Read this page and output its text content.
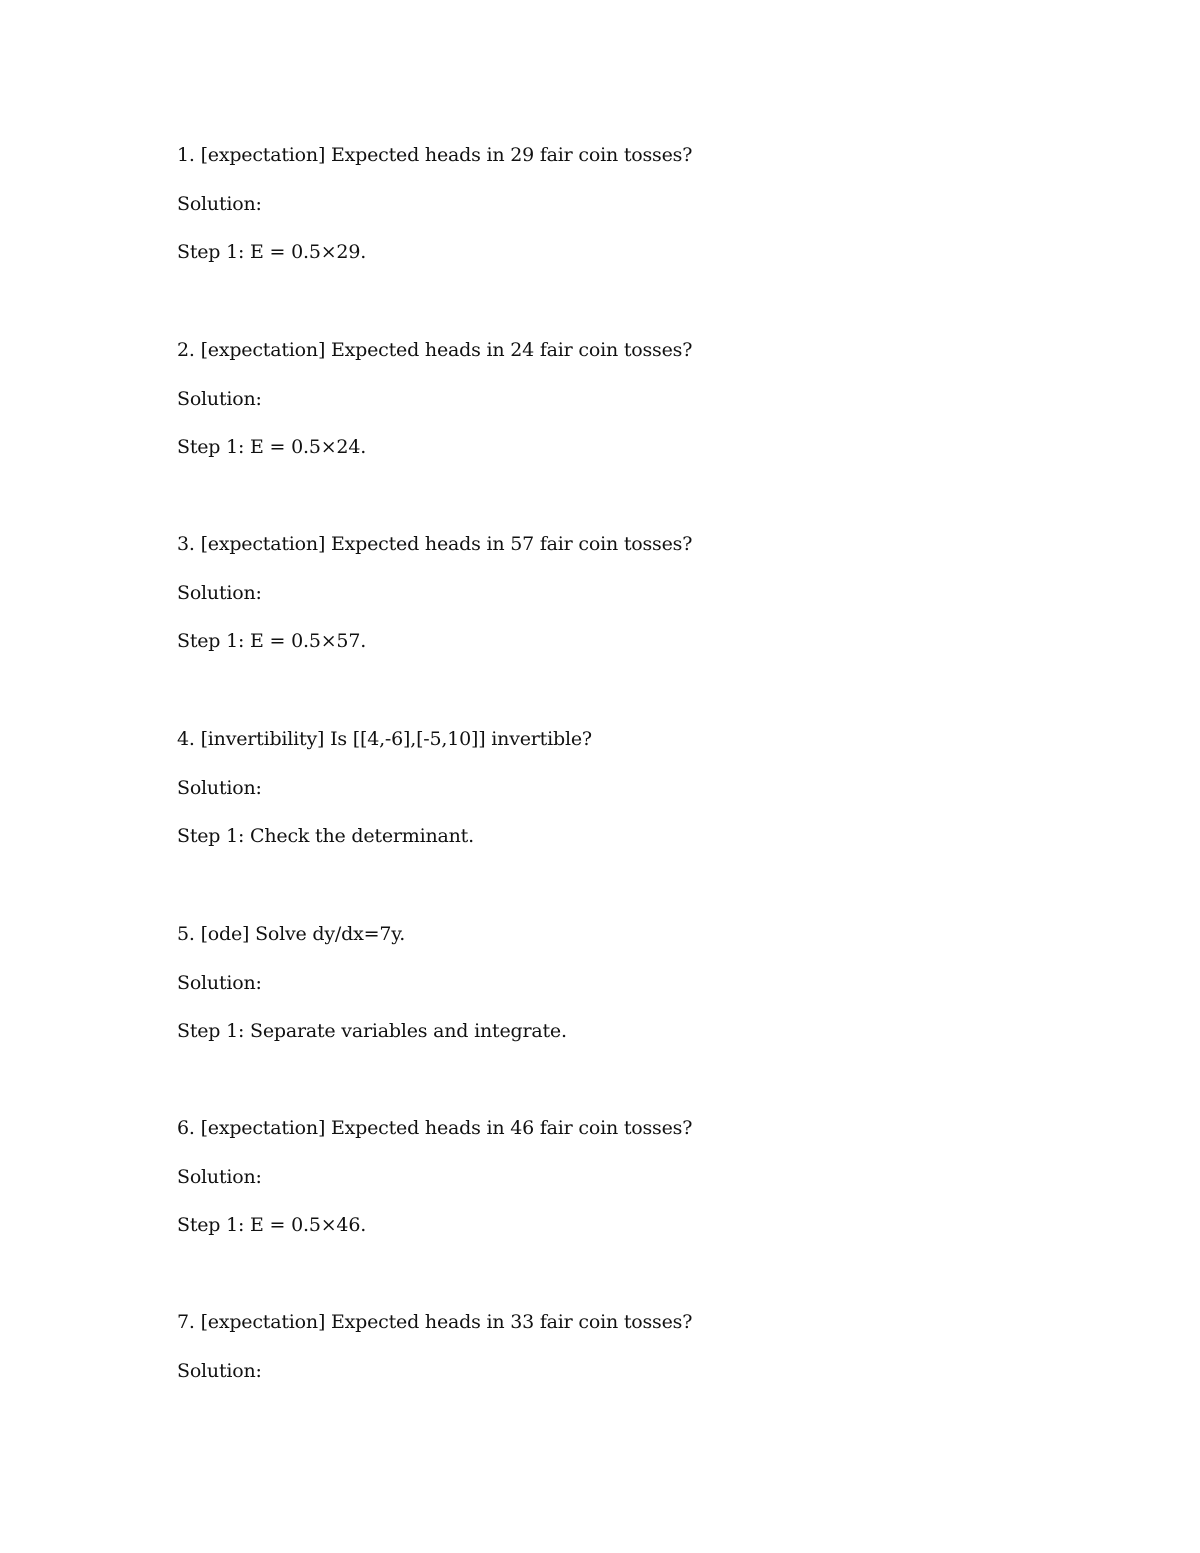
1. [expectation] Expected heads in 29 fair coin tosses?
Solution:
Step 1: E = 0.5×29.
2. [expectation] Expected heads in 24 fair coin tosses?
Solution:
Step 1: E = 0.5×24.
3. [expectation] Expected heads in 57 fair coin tosses?
Solution:
Step 1: E = 0.5×57.
4. [invertibility] Is [[4,-6],[-5,10]] invertible?
Solution:
Step 1: Check the determinant.
5. [ode] Solve dy/dx=7y.
Solution:
Step 1: Separate variables and integrate.
6. [expectation] Expected heads in 46 fair coin tosses?
Solution:
Step 1: E = 0.5×46.
7. [expectation] Expected heads in 33 fair coin tosses?
Solution:
